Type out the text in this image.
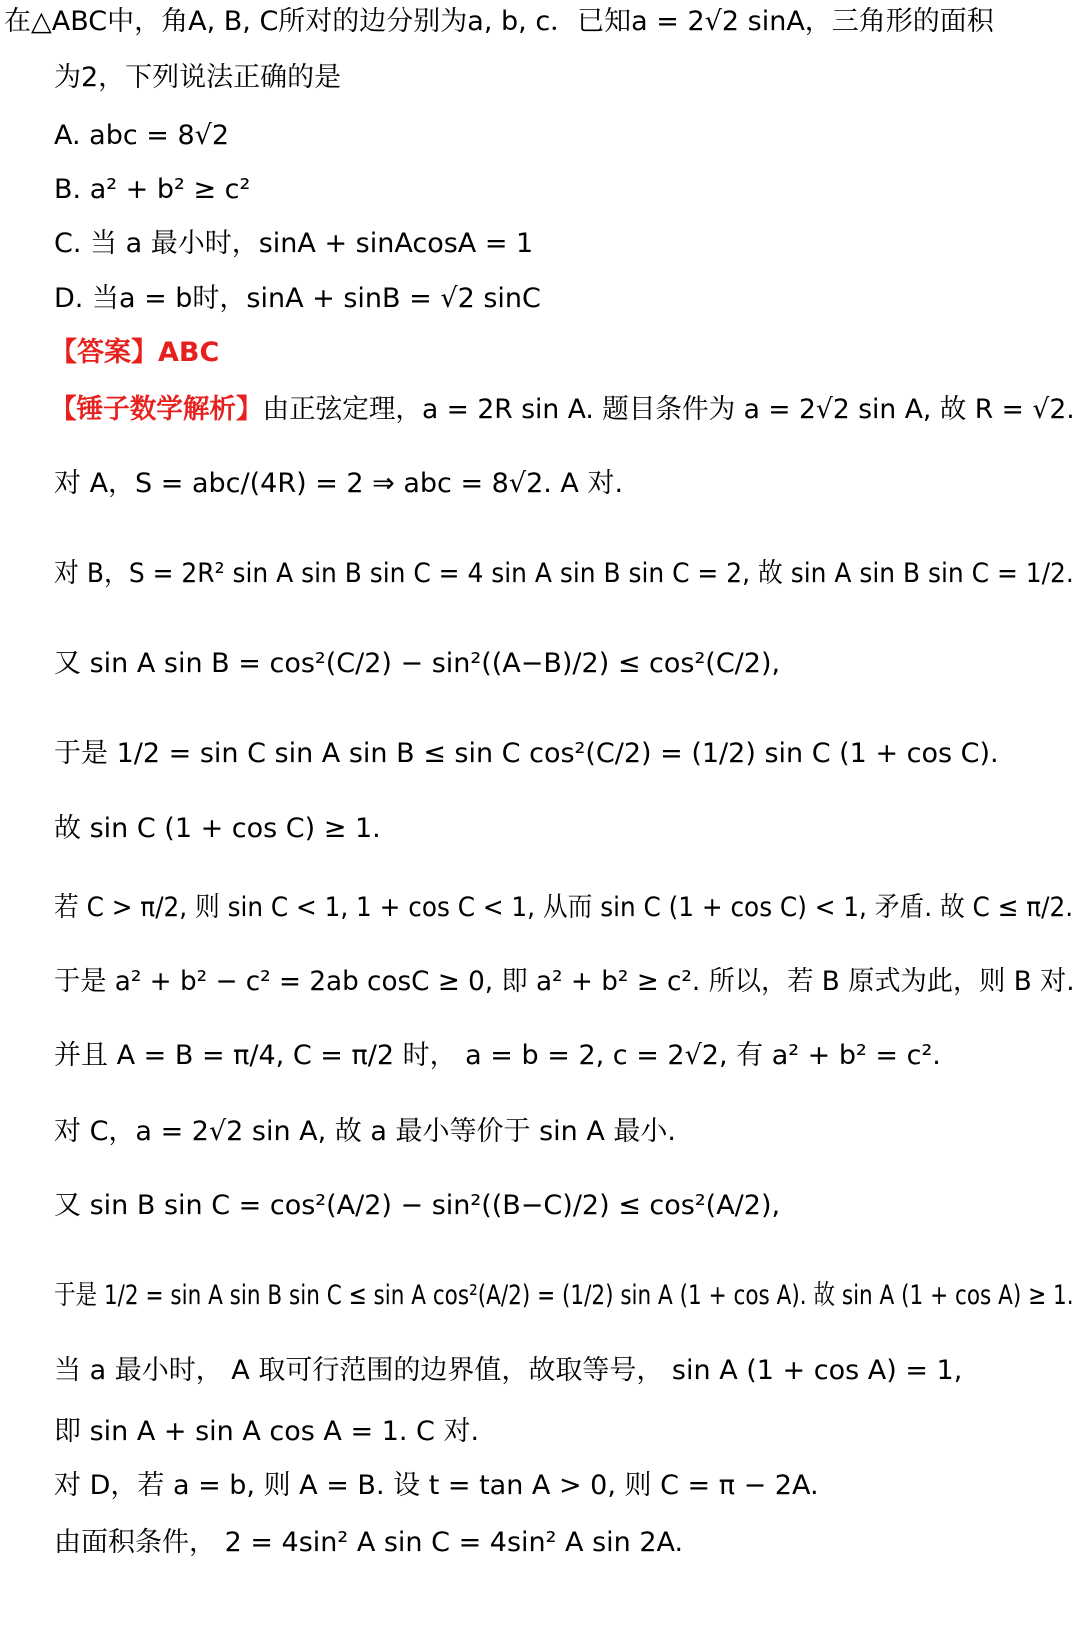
在△ABC中，角A, B, C所对的边分别为a, b, c．已知a = 2√2 sinA，三角形的面积
为2，下列说法正确的是
A. abc = 8√2
B. a² + b² ≥ c²
C. 当 a 最小时，sinA + sinAcosA = 1
D. 当a = b时，sinA + sinB = √2 sinC
【答案】ABC
【锤子数学解析】由正弦定理，a = 2R sin A. 题目条件为 a = 2√2 sin A, 故 R = √2.
对 A，S = abc/(4R) = 2 ⇒ abc = 8√2. A 对.
对 B，S = 2R² sin A sin B sin C = 4 sin A sin B sin C = 2, 故 sin A sin B sin C = 1/2.
又 sin A sin B = cos²(C/2) − sin²((A−B)/2) ≤ cos²(C/2),
于是 1/2 = sin C sin A sin B ≤ sin C cos²(C/2) = (1/2) sin C (1 + cos C).
故 sin C (1 + cos C) ≥ 1.
若 C > π/2, 则 sin C < 1, 1 + cos C < 1, 从而 sin C (1 + cos C) < 1, 矛盾. 故 C ≤ π/2.
于是 a² + b² − c² = 2ab cosC ≥ 0, 即 a² + b² ≥ c². 所以，若 B 原式为此，则 B 对.
并且 A = B = π/4, C = π/2 时， a = b = 2, c = 2√2, 有 a² + b² = c².
对 C，a = 2√2 sin A, 故 a 最小等价于 sin A 最小.
又 sin B sin C = cos²(A/2) − sin²((B−C)/2) ≤ cos²(A/2),
于是 1/2 = sin A sin B sin C ≤ sin A cos²(A/2) = (1/2) sin A (1 + cos A). 故 sin A (1 + cos A) ≥ 1.
当 a 最小时， A 取可行范围的边界值，故取等号， sin A (1 + cos A) = 1,
即 sin A + sin A cos A = 1. C 对.
对 D，若 a = b, 则 A = B. 设 t = tan A > 0, 则 C = π − 2A.
由面积条件， 2 = 4sin² A sin C = 4sin² A sin 2A.
